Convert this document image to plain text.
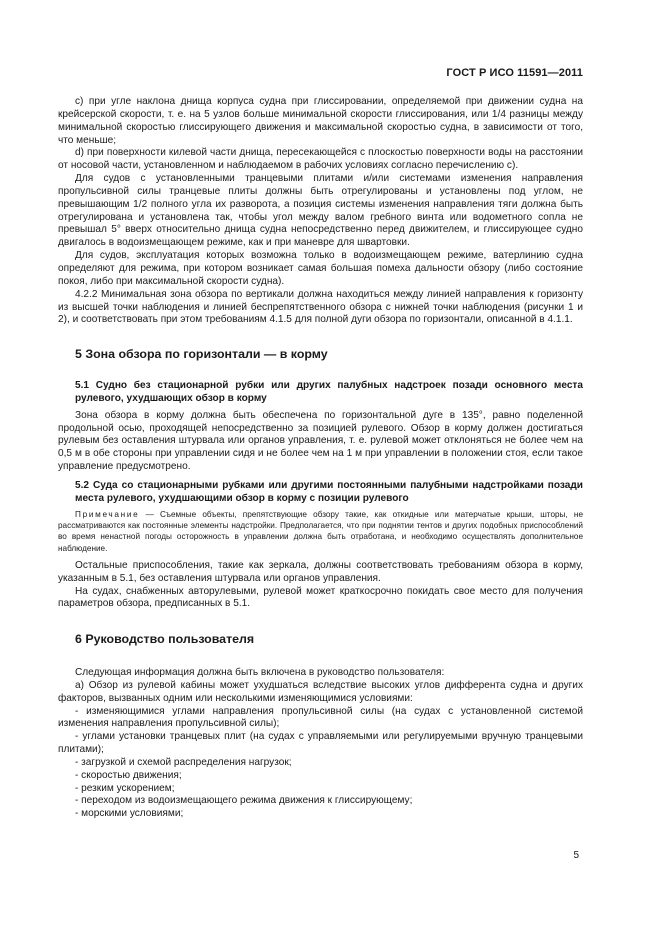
ГОСТ Р ИСО 11591—2011

c) при угле наклона днища корпуса судна при глиссировании, определяемой при движении судна на крейсерской скорости, т. е. на 5 узлов больше минимальной скорости глиссирования, или 1/4 разницы между минимальной скоростью глиссирующего движения и максимальной скоростью судна, в зависимости от того, что меньше;

d) при поверхности килевой части днища, пересекающейся с плоскостью поверхности воды на расстоянии от носовой части, установленном и наблюдаемом в рабочих условиях согласно перечислению с).

Для судов с установленными транцевыми плитами и/или системами изменения направления пропульсивной силы транцевые плиты должны быть отрегулированы и установлены под углом, не превышающим 1/2 полного угла их разворота, а позиция системы изменения направления тяги должна быть отрегулирована и установлена так, чтобы угол между валом гребного винта или водометного сопла не превышал 5° вверх относительно днища судна непосредственно перед движителем, и глиссирующее судно двигалось в водоизмещающем режиме, как и при маневре для швартовки.

Для судов, эксплуатация которых возможна только в водоизмещающем режиме, ватерлинию судна определяют для режима, при котором возникает самая большая помеха дальности обзору (либо состояние покоя, либо при максимальной скорости судна).

4.2.2 Минимальная зона обзора по вертикали должна находиться между линией направления к горизонту из высшей точки наблюдения и линией беспрепятственного обзора с нижней точки наблюдения (рисунки 1 и 2), и соответствовать при этом требованиям 4.1.5 для полной дуги обзора по горизонтали, описанной в 4.1.1.

5 Зона обзора по горизонтали — в корму

5.1 Судно без стационарной рубки или других палубных надстроек позади основного места рулевого, ухудшающих обзор в корму

Зона обзора в корму должна быть обеспечена по горизонтальной дуге в 135°, равно поделенной продольной осью, проходящей непосредственно за позицией рулевого. Обзор в корму должен достигаться рулевым без оставления штурвала или органов управления, т. е. рулевой может отклоняться не более чем на 0,5 м в обе стороны при управлении сидя и не более чем на 1 м при управлении в положении стоя, если такое управление предусмотрено.

5.2 Суда со стационарными рубками или другими постоянными палубными надстройками позади места рулевого, ухудшающими обзор в корму с позиции рулевого

Примечание — Съемные объекты, препятствующие обзору такие, как откидные или матерчатые крыши, шторы, не рассматриваются как постоянные элементы надстройки. Предполагается, что при поднятии тентов и других подобных приспособлений во время ненастной погоды осторожность в управлении должна быть отработана, и необходимо осуществлять дополнительное наблюдение.

Остальные приспособления, такие как зеркала, должны соответствовать требованиям обзора в корму, указанным в 5.1, без оставления штурвала или органов управления.

На судах, снабженных авторулевыми, рулевой может краткосрочно покидать свое место для получения параметров обзора, предписанных в 5.1.

6 Руководство пользователя

Следующая информация должна быть включена в руководство пользователя:

а) Обзор из рулевой кабины может ухудшаться вследствие высоких углов дифферента судна и других факторов, вызванных одним или несколькими изменяющимися условиями:

- изменяющимися углами направления пропульсивной силы (на судах с установленной системой изменения направления пропульсивной силы);

- углами установки транцевых плит (на судах с управляемыми или регулируемыми вручную транцевыми плитами);

- загрузкой и схемой распределения нагрузок;

- скоростью движения;

- резким ускорением;

- переходом из водоизмещающего режима движения к глиссирующему;

- морскими условиями;

5
